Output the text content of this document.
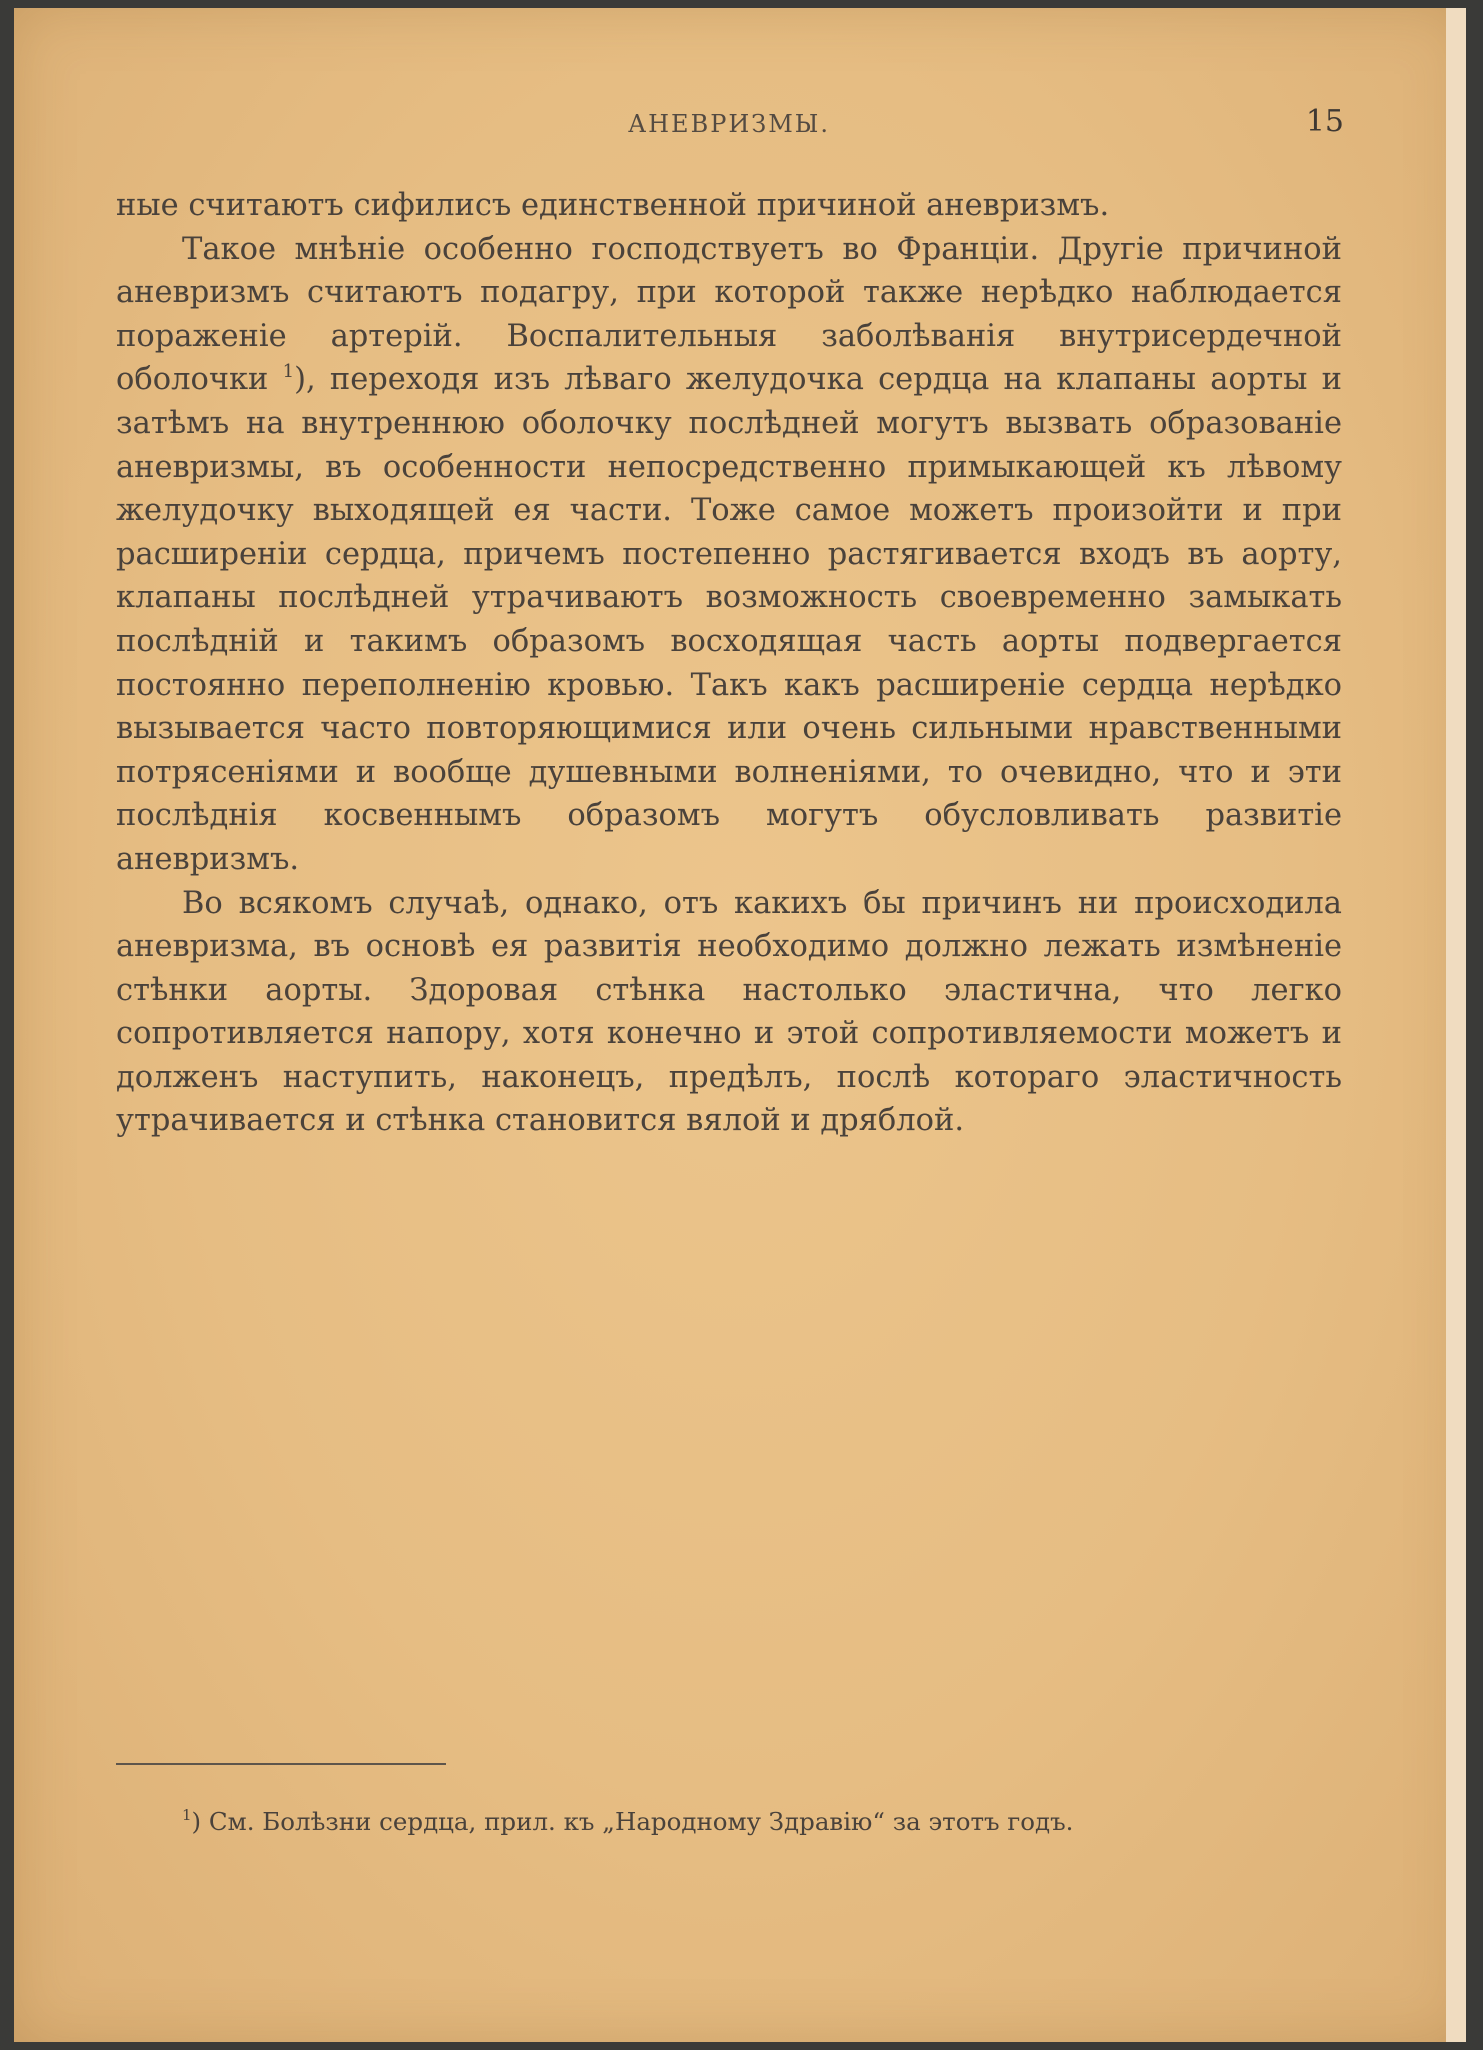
АНЕВРИЗМЫ.	15

ные считаютъ сифилисъ единственной причиной аневризмъ.

Такое мнѣніе особенно господствуетъ во Франціи. Другіе причиной аневризмъ считаютъ подагру, при которой также нерѣдко наблюдается пораженіе артерій. Воспалительныя заболѣванія внутрисердечной оболочки $^1$), переходя изъ лѣваго желудочка сердца на клапаны аорты и затѣмъ на внутреннюю оболочку послѣдней могутъ вызвать образованіе аневризмы, въ особенности непосредственно примыкающей къ лѣвому желудочку выходящей ея части. Тоже самое можетъ произойти и при расширеніи сердца, причемъ постепенно растягивается входъ въ аорту, клапаны послѣдней утрачиваютъ возможность своевременно замыкать послѣдній и такимъ образомъ восходящая часть аорты подвергается постоянно переполненію кровью. Такъ какъ расширеніе сердца нерѣдко вызывается часто повторяющимися или очень сильными нравственными потрясеніями и вообще душевными волненіями, то очевидно, что и эти послѣднія косвеннымъ образомъ могутъ обусловливать развитіе аневризмъ.

Во всякомъ случаѣ, однако, отъ какихъ бы причинъ ни происходила аневризма, въ основѣ ея развитія необходимо должно лежать измѣненіе стѣнки аорты. Здоровая стѣнка настолько эластична, что легко сопротивляется напору, хотя конечно и этой сопротивляемости можетъ и долженъ наступить, наконецъ, предѣлъ, послѣ котораго эластичность утрачивается и стѣнка становится вялой и дряблой.

$^1$) См. Болѣзни сердца, прил. къ „Народному Здравію“ за этотъ годъ.
